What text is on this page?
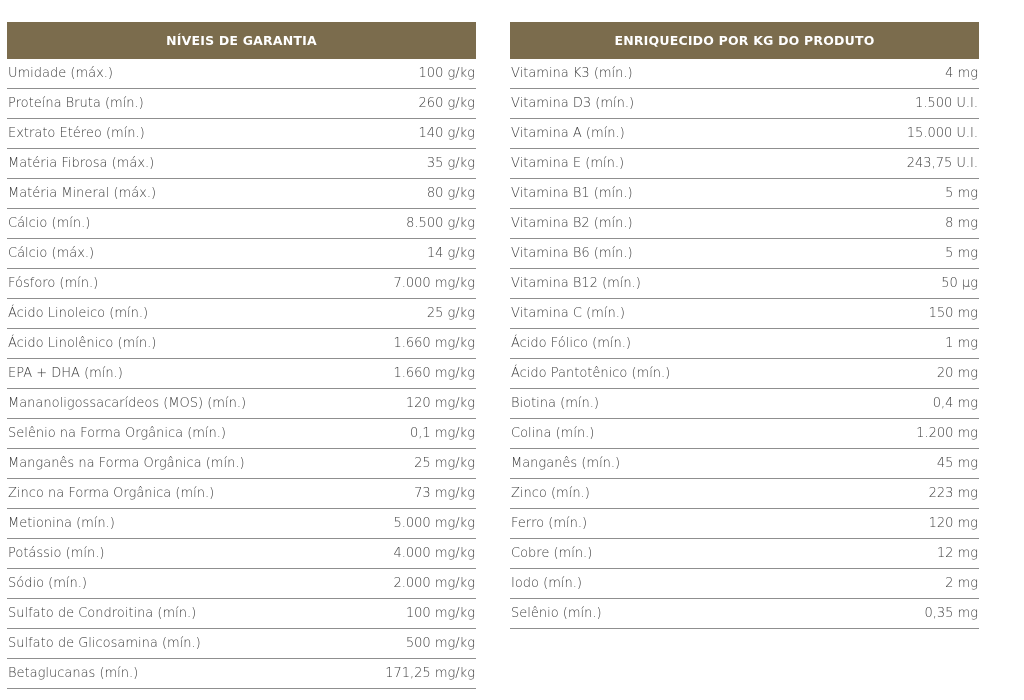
NÍVEIS DE GARANTIA
Umidade (máx.)	100 g/kg
Proteína Bruta (mín.)	260 g/kg
Extrato Etéreo (mín.)	140 g/kg
Matéria Fibrosa (máx.)	35 g/kg
Matéria Mineral (máx.)	80 g/kg
Cálcio (mín.)	8.500 g/kg
Cálcio (máx.)	14 g/kg
Fósforo (mín.)	7.000 mg/kg
Ácido Linoleico (mín.)	25 g/kg
Ácido Linolênico (mín.)	1.660 mg/kg
EPA + DHA (mín.)	1.660 mg/kg
Mananoligossacarídeos (MOS) (mín.)	120 mg/kg
Selênio na Forma Orgânica (mín.)	0,1 mg/kg
Manganês na Forma Orgânica (mín.)	25 mg/kg
Zinco na Forma Orgânica (mín.)	73 mg/kg
Metionina (mín.)	5.000 mg/kg
Potássio (mín.)	4.000 mg/kg
Sódio (mín.)	2.000 mg/kg
Sulfato de Condroitina (mín.)	100 mg/kg
Sulfato de Glicosamina (mín.)	500 mg/kg
Betaglucanas (mín.)	171,25 mg/kg
ENRIQUECIDO POR KG DO PRODUTO
Vitamina K3 (mín.)	4 mg
Vitamina D3 (mín.)	1.500 U.I.
Vitamina A (mín.)	15.000 U.I.
Vitamina E (mín.)	243,75 U.I.
Vitamina B1 (mín.)	5 mg
Vitamina B2 (mín.)	8 mg
Vitamina B6 (mín.)	5 mg
Vitamina B12 (mín.)	50 µg
Vitamina C (mín.)	150 mg
Ácido Fólico (mín.)	1 mg
Ácido Pantotênico (mín.)	20 mg
Biotina (mín.)	0,4 mg
Colina (mín.)	1.200 mg
Manganês (mín.)	45 mg
Zinco (mín.)	223 mg
Ferro (mín.)	120 mg
Cobre (mín.)	12 mg
Iodo (mín.)	2 mg
Selênio (mín.)	0,35 mg
